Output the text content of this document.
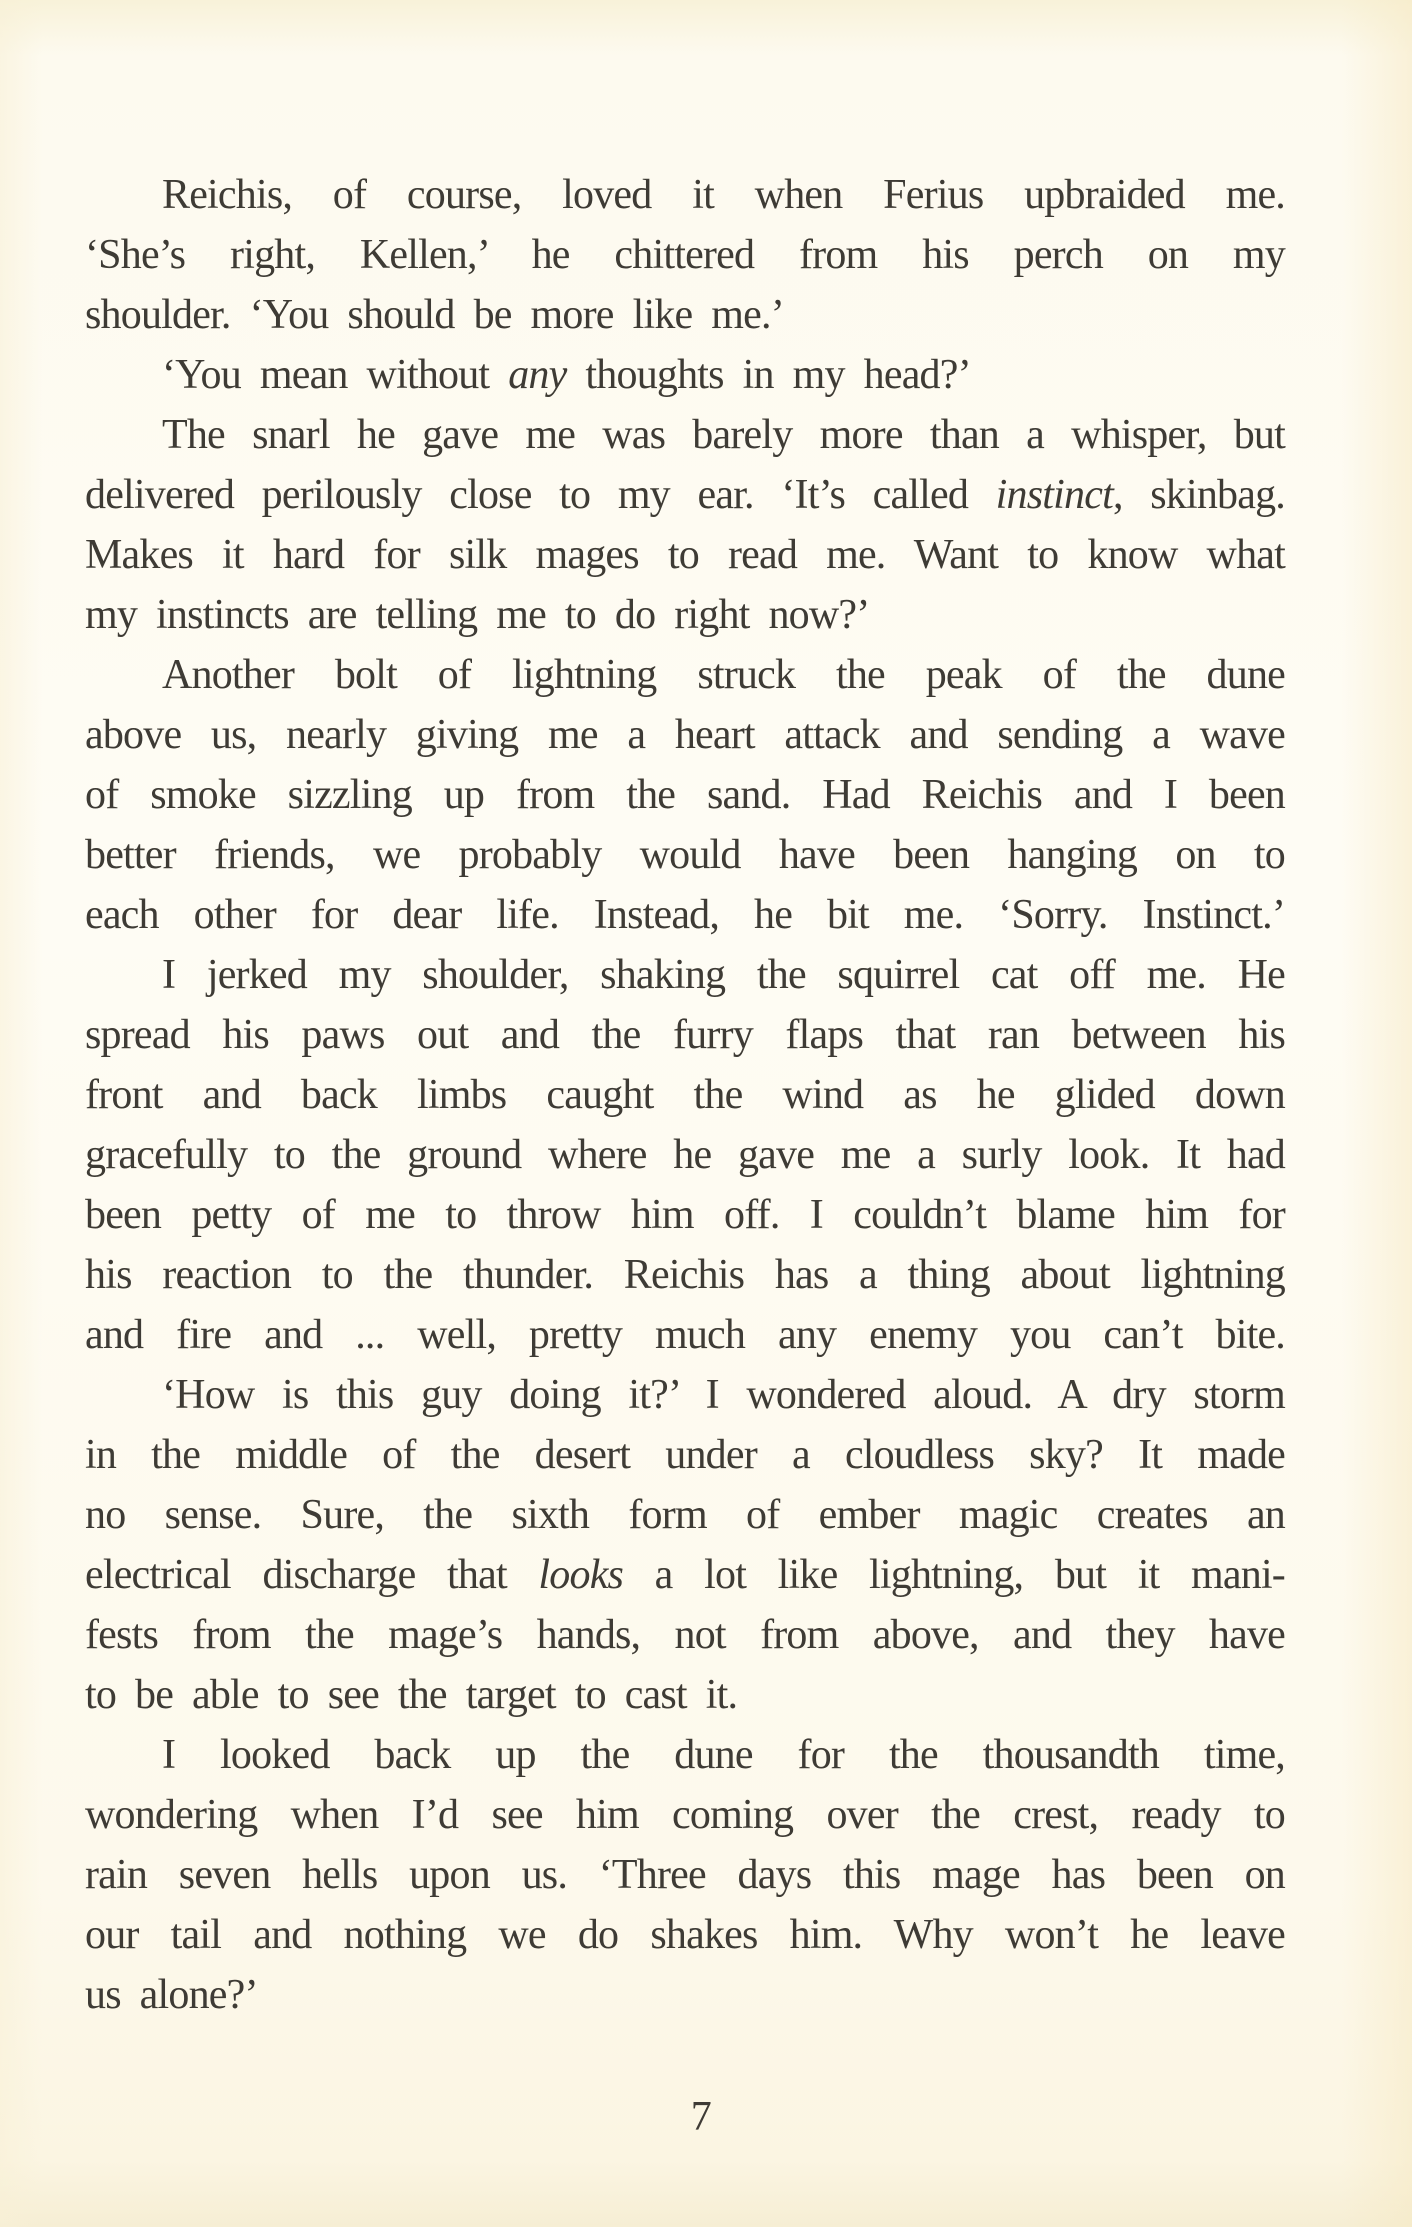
Reichis, of course, loved it when Ferius upbraided me.
‘She’s right, Kellen,’ he chittered from his perch on my
shoulder. ‘You should be more like me.’
‘You mean without any thoughts in my head?’
The snarl he gave me was barely more than a whisper, but
delivered perilously close to my ear. ‘It’s called instinct, skinbag.
Makes it hard for silk mages to read me. Want to know what
my instincts are telling me to do right now?’
Another bolt of lightning struck the peak of the dune
above us, nearly giving me a heart attack and sending a wave
of smoke sizzling up from the sand. Had Reichis and I been
better friends, we probably would have been hanging on to
each other for dear life. Instead, he bit me. ‘Sorry. Instinct.’
I jerked my shoulder, shaking the squirrel cat off me. He
spread his paws out and the furry flaps that ran between his
front and back limbs caught the wind as he glided down
gracefully to the ground where he gave me a surly look. It had
been petty of me to throw him off. I couldn’t blame him for
his reaction to the thunder. Reichis has a thing about lightning
and fire and ... well, pretty much any enemy you can’t bite.
‘How is this guy doing it?’ I wondered aloud. A dry storm
in the middle of the desert under a cloudless sky? It made
no sense. Sure, the sixth form of ember magic creates an
electrical discharge that looks a lot like lightning, but it mani-
fests from the mage’s hands, not from above, and they have
to be able to see the target to cast it.
I looked back up the dune for the thousandth time,
wondering when I’d see him coming over the crest, ready to
rain seven hells upon us. ‘Three days this mage has been on
our tail and nothing we do shakes him. Why won’t he leave
us alone?’
7
